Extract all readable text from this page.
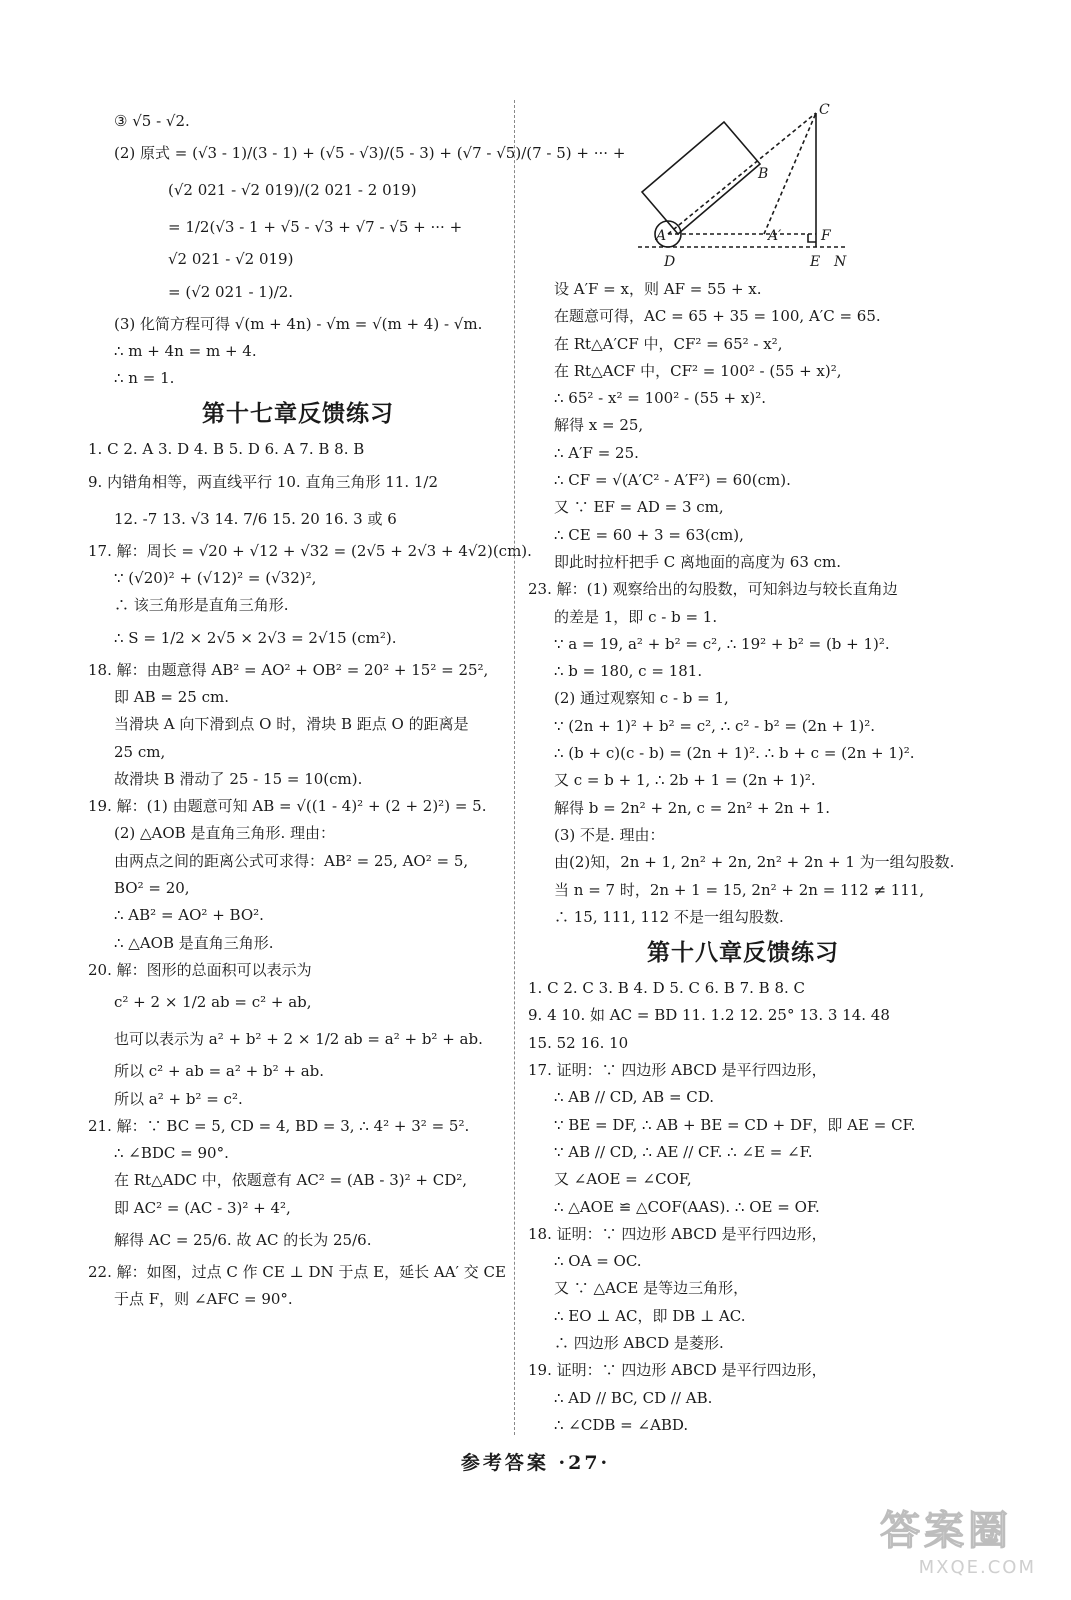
③ √5 - √2.
(2) 原式 = (√3 - 1)/(3 - 1) + (√5 - √3)/(5 - 3) + (√7 - √5)/(7 - 5) + ··· +
(√2 021 - √2 019)/(2 021 - 2 019)
= 1/2(√3 - 1 + √5 - √3 + √7 - √5 + ··· +
√2 021 - √2 019)
= (√2 021 - 1)/2.
(3) 化简方程可得 √(m + 4n) - √m = √(m + 4) - √m.
∴ m + 4n = m + 4.
∴ n = 1.
第十七章反馈练习
1. C 2. A 3. D 4. B 5. D 6. A 7. B 8. B
9. 内错角相等，两直线平行 10. 直角三角形 11. 1/2
12. -7 13. √3 14. 7/6 15. 20 16. 3 或 6
17. 解：周长 = √20 + √12 + √32 = (2√5 + 2√3 + 4√2)(cm).
∵ (√20)² + (√12)² = (√32)²,
∴ 该三角形是直角三角形.
∴ S = 1/2 × 2√5 × 2√3 = 2√15 (cm²).
18. 解：由题意得 AB² = AO² + OB² = 20² + 15² = 25²,
即 AB = 25 cm.
当滑块 A 向下滑到点 O 时，滑块 B 距点 O 的距离是
25 cm,
故滑块 B 滑动了 25 - 15 = 10(cm).
19. 解：(1) 由题意可知 AB = √((1 - 4)² + (2 + 2)²) = 5.
(2) △AOB 是直角三角形. 理由：
由两点之间的距离公式可求得：AB² = 25, AO² = 5,
BO² = 20,
∴ AB² = AO² + BO².
∴ △AOB 是直角三角形.
20. 解：图形的总面积可以表示为
c² + 2 × 1/2 ab = c² + ab,
也可以表示为 a² + b² + 2 × 1/2 ab = a² + b² + ab.
所以 c² + ab = a² + b² + ab.
所以 a² + b² = c².
21. 解：∵ BC = 5, CD = 4, BD = 3, ∴ 4² + 3² = 5².
∴ ∠BDC = 90°.
在 Rt△ADC 中，依题意有 AC² = (AB - 3)² + CD²,
即 AC² = (AC - 3)² + 4²,
解得 AC = 25/6. 故 AC 的长为 25/6.
22. 解：如图，过点 C 作 CE ⊥ DN 于点 E，延长 AA′ 交 CE
于点 F，则 ∠AFC = 90°.
C
B
A	A′	F
D	E N
设 A′F = x，则 AF = 55 + x.
在题意可得，AC = 65 + 35 = 100, A′C = 65.
在 Rt△A′CF 中，CF² = 65² - x²,
在 Rt△ACF 中，CF² = 100² - (55 + x)²,
∴ 65² - x² = 100² - (55 + x)².
解得 x = 25,
∴ A′F = 25.
∴ CF = √(A′C² - A′F²) = 60(cm).
又 ∵ EF = AD = 3 cm,
∴ CE = 60 + 3 = 63(cm),
即此时拉杆把手 C 离地面的高度为 63 cm.
23. 解：(1) 观察给出的勾股数，可知斜边与较长直角边
的差是 1，即 c - b = 1.
∵ a = 19, a² + b² = c², ∴ 19² + b² = (b + 1)².
∴ b = 180, c = 181.
(2) 通过观察知 c - b = 1,
∵ (2n + 1)² + b² = c², ∴ c² - b² = (2n + 1)².
∴ (b + c)(c - b) = (2n + 1)². ∴ b + c = (2n + 1)².
又 c = b + 1, ∴ 2b + 1 = (2n + 1)².
解得 b = 2n² + 2n, c = 2n² + 2n + 1.
(3) 不是. 理由：
由(2)知，2n + 1, 2n² + 2n, 2n² + 2n + 1 为一组勾股数.
当 n = 7 时，2n + 1 = 15, 2n² + 2n = 112 ≠ 111,
∴ 15, 111, 112 不是一组勾股数.
第十八章反馈练习
1. C 2. C 3. B 4. D 5. C 6. B 7. B 8. C
9. 4 10. 如 AC = BD 11. 1.2 12. 25° 13. 3 14. 48
15. 52 16. 10
17. 证明：∵ 四边形 ABCD 是平行四边形，
∴ AB // CD, AB = CD.
∵ BE = DF, ∴ AB + BE = CD + DF，即 AE = CF.
∵ AB // CD, ∴ AE // CF. ∴ ∠E = ∠F.
又 ∠AOE = ∠COF,
∴ △AOE ≌ △COF(AAS). ∴ OE = OF.
18. 证明：∵ 四边形 ABCD 是平行四边形，
∴ OA = OC.
又 ∵ △ACE 是等边三角形，
∴ EO ⊥ AC，即 DB ⊥ AC.
∴ 四边形 ABCD 是菱形.
19. 证明：∵ 四边形 ABCD 是平行四边形，
∴ AD // BC, CD // AB.
∴ ∠CDB = ∠ABD.
参考答案 ·27·
答案圈
MXQE.COM
